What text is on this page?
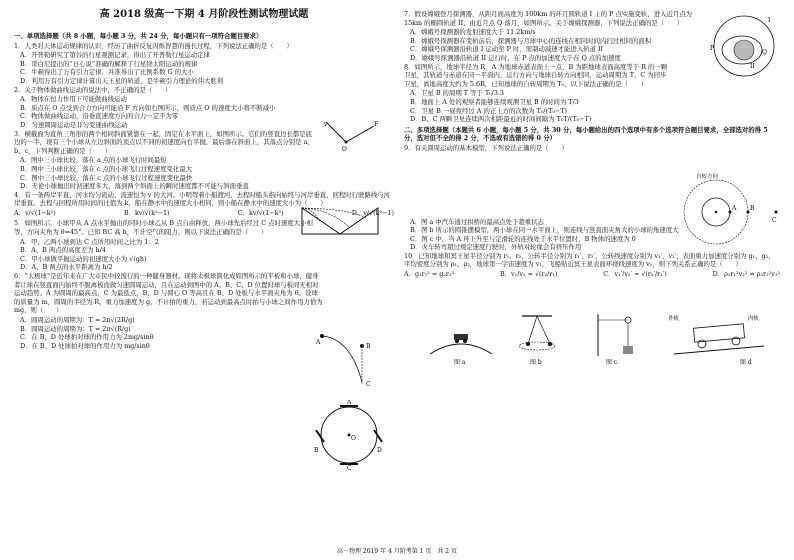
高 2018 级高一下期 4 月阶段性测试物理试题
一、单项选择题（共 8 小题，每小题 3 分，共 24 分，每小题只有一项符合题目要求）
1．人类对天体运动规律的认识，经历了曲折反复闪烁智慧的漫长过程，下列说法正确的是（　　）
A．开普勒研究了第谷的行星观测记录，得出了开普勒行星运动定律
B．哥白尼提出的“日心说”准确的解释了行星绕太阳运动的规律
C．牛顿得出了万有引力定律，并准导出了比例系数 G 的大小
D．利用万有引力定律计算出天王星的轨道，是牛顿引力理论的伟大胜利
2．关于物体做曲线运动的说法中，不正确的是（　　）
A．物体在恒力作用下可能做曲线运动
B．质点在 O 点受到合力方向可能沿 F 方向如右图所示，则质点 O 的速度大小将不断减小
C．物体做曲线运动，沿垂直速度方向的合力一定不为零
D．匀速圆周运动是非匀变速曲线运动
3．横截面为直角三角形的两个相同斜面紧靠在一起，固定在水平面上，如图所示。它们的竖直边长都是底边的一半，现有三个小球从左边斜面的顶点以不同的初速度向右平抛，最后落在斜面上，其落点分别是 a、b、c，下列判断正确的是（　　）
A．图中三小球比较，落在 a 点的小球飞行时间最短
B．图中三小球比较，落在 c 点的小球飞行过程速度变化最大
C．图中三小球比较，落在 c 点的小球飞行过程速度变化最快
D．无论小球抛出时初速度多大，落到两个斜面上的瞬时速度都不可能与斜面垂直
4．有一条两岸平直、河水均匀流动、流速恒为 v 的大河。小明驾着小船渡河，去程时船头指向始终与河岸垂直，回程时行驶路线与河岸垂直。去程与回程所用时间的比值为 k，船在静水中的速度大小相同，则小船在静水中的速度大小为（　　）
A．v/√(1−k²)	B．kv/√(k²−1)	C．kv/√(1−k²)	D．v/√(k²−1)
5．如图所示，小球甲从 A 点水平抛出的同时小球乙从 B 点自由释放，两小球先后经过 C 点时速度大小相等，方向夹角为 θ=45°。已知 BC 高 h，不计空气的阻力，则以下说法正确的是（　　）
A．甲、乙两小球到达 C 点所用时间之比为 1：2
B．A、B 两点的高度差为 h/4
C．甲小球做平抛运动的初速度大小为 √(gh)
D．A、B 两点的水平距离为 h/2
6．“太极球”是近年来在广大市民中较流行的一种健身器材。现将太极球简化成如图所示的平板和小球，健身者让球在竖直面内始终不脱离板而做匀速圆周运动，且在运动到图中的 A、B、C、D 位置时球与板间无相对运动趋势。A 为圆周的最高点，C 为最低点，B、D 与圆心 O 等高且在 B、D 处板与水平面夹角为 θ。设球的质量为 m，圆周的半径为 R，重力加速度为 g，不计拍的重力，若运动到最高点时拍与小球之间作用力恰为 mg，则（　　）
A．圆周运动的周期为：T = 2π√(2R/g)
B．圆周运动的周期为：T = 2π√(R/g)
C．在 B、D 处球拍对球的作用力为 2mg/sinθ
D．在 B、D 处球拍对球的作用力为 mg/sinθ
7．假设嫦娥登月探测器，从距月面高度为 100km 的环月圆轨道 I 上的 P 点实施变轨，进入近月点为 15km 的椭圆轨道 II，由近月点 Q 落月，如图所示。关于嫦娥探测器，下列说法正确的是（　　）
A．嫦娥号探测器的发射速度大于 11.2km/s
B．嫦娥号探测器在变轨前后，探测器与月球中心的连线在相同时间内扫过相同的面积
C．嫦娥号探测器沿轨道 I 运动至 P 时，需制动减速才能进入轨道 II
D．嫦娥号探测器沿轨道 II 运行时，在 P 点的加速度大于在 Q 点的加速度
8．如图所示，地球半径为 R，A 为地球赤道表面上一点，B 为距地球表面高度等于 R 的一颗卫星，其轨道与赤道在同一平面内，运行方向与地球自转方向相同，运动周期为 T，C 为同步卫星，离地高度大约为 5.6R，已知地球的自转周期为 T₀，以下说法正确的是（　　）
A．卫星 B 的周期 T 等于 T₀/3.3
B．地面上 A 处的观察者能够连续观测卫星 B 的时间为 T/3
C．卫星 B 一昼夜经过 A 的正上方的次数为 T₀/(T₀−T)
D．B、C 两颗卫星连续两次相距最近的时间间隔为 T₀T/(T₀−T)
二、多项选择题（本题共 6 小题，每小题 5 分，共 30 分，每小题给出的四个选项中有多个选项符合题目要求，全部选对的得 5 分，选对但不全的得 2 分，不选或有选错的得 0 分）
9．有关圆周运动的基本模型，下列说法正确的是（　　）
A．图 a 中汽车通过拱桥的最高点处于超重状态
B．图 b 所示的圆锥摆模型，两小球在同一水平面上，则连线与竖直面夹角大的小球的角速度大
C．图 c 中，当 A 环上升至与定滑轮的连线处于水平位置时，B 物体的速度为 0
D．火车转弯超过规定速度行驶时，外轨对轮缘会有挤压作用
10．已知地球和冥王星半径分别为 r₁、r₂，公转半径分别为 r₁′、r₂′，公转线速度分别为 v₁′、v₂′，表面重力加速度分别为 g₁、g₂，平均密度分别为 ρ₁、ρ₂，地球第一宇宙速度为 v₁，飞船贴近冥王星表面环绕线速度为 v₂，则下列关系正确的是（　　）
A．g₁r₁² = g₂r₂²	B．v₁/v₂ = √(r₂/r₁)	C．v₁′/v₂′ = √(r₂′/r₁′)	D．ρ₁r₁²v₂² = ρ₂r₂²v₁²
O
F
v
A
B
C
O
A
B
C
D
P
Q
I
II
自转方向
A B
C
图 a	图 b	图 c
外轨	内轨
图 d
高一物理 2019 年 4 月阶考第 1 页　共 2 页
